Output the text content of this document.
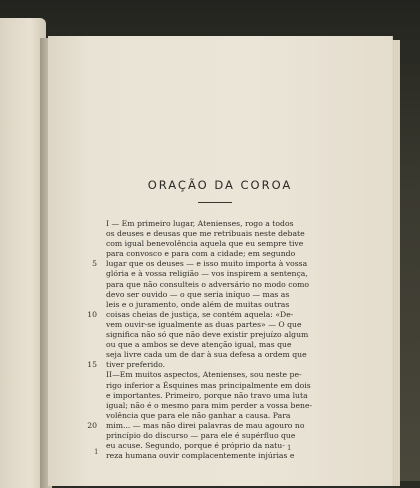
ORAÇÃO DA COROA
I — Em primeiro lugar, Atenienses, rogo a todos
os deuses e deusas que me retribuais neste debate
com igual benevolência aquela que eu sempre tive
para convosco e para com a cidade; em segundo
5 lugar que os deuses — e isso muito importa à vossa
glória e à vossa religião — vos inspirem a sentença,
para que não consulteis o adversário no modo como
devo ser ouvido — o que seria iníquo — mas as
leis e o juramento, onde além de muitas outras
10 coisas cheias de justiça, se contém aquela: «De-
vem ouvir-se igualmente as duas partes» — O que
significa não só que não deve existir prejuízo algum
ou que a ambos se deve atenção igual, mas que
seja livre cada um de dar à sua defesa a ordem que
15 tiver preferido.
II—Em muitos aspectos, Atenienses, sou neste pe-
rigo inferior a Ésquines mas principalmente em dois
e importantes. Primeiro, porque não travo uma luta
igual; não é o mesmo para mim perder a vossa bene-
volência que para ele não ganhar a causa. Para
20 mim... — mas não direi palavras de mau agouro no
princípio do discurso — para ele é supérfluo que
eu acuse. Segundo, porque é próprio da natu-
reza humana ouvir complacentemente injúrias e
1	1
